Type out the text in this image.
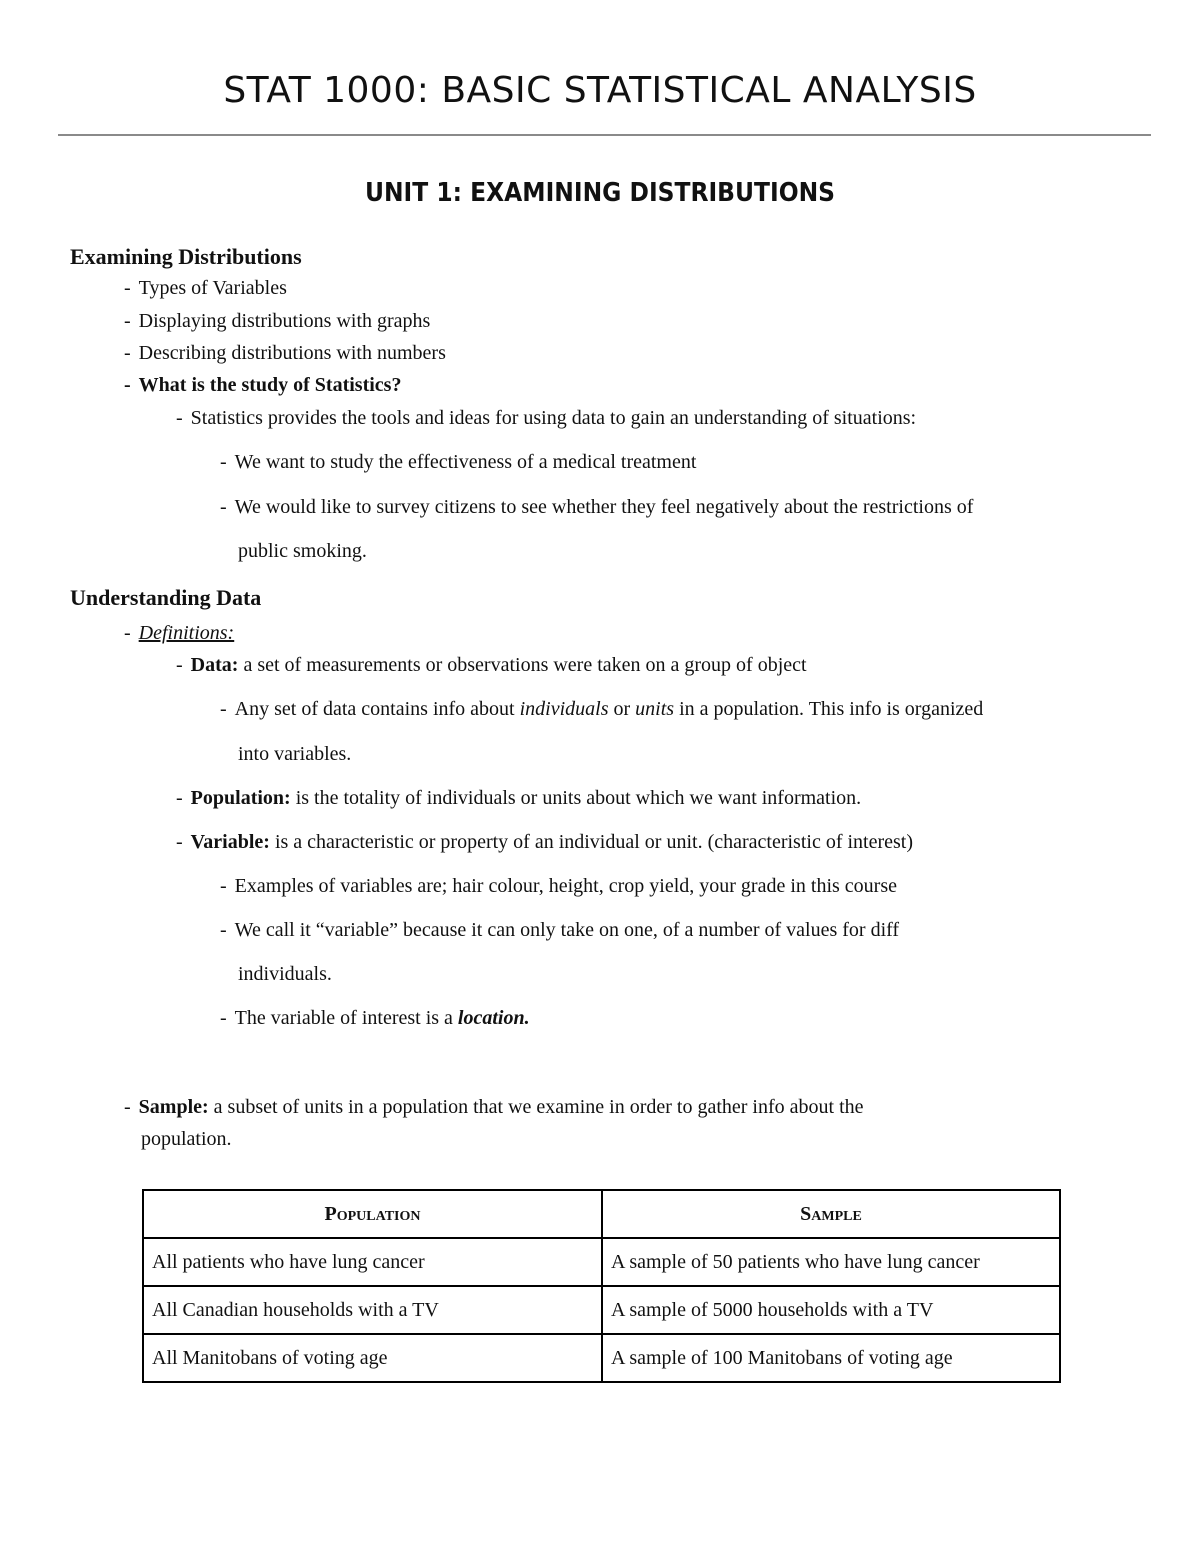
STAT 1000: BASIC STATISTICAL ANALYSIS
UNIT 1: EXAMINING DISTRIBUTIONS
Examining Distributions

- Types of Variables

- Displaying distributions with graphs

- Describing distributions with numbers

- What is the study of Statistics?

- Statistics provides the tools and ideas for using data to gain an understanding of situations:

- We want to study the effectiveness of a medical treatment

- We would like to survey citizens to see whether they feel negatively about the restrictions of

public smoking.

Understanding Data

- Definitions:

- Data: a set of measurements or observations were taken on a group of object

- Any set of data contains info about individuals or units in a population. This info is organized

into variables.

- Population: is the totality of individuals or units about which we want information.

- Variable: is a characteristic or property of an individual or unit. (characteristic of interest)

- Examples of variables are; hair colour, height, crop yield, your grade in this course

- We call it “variable” because it can only take on one, of a number of values for diff

individuals.

- The variable of interest is a location.

- Sample: a subset of units in a population that we examine in order to gather info about the

population.

Population	Sample
All patients who have lung cancer	A sample of 50 patients who have lung cancer
All Canadian households with a TV	A sample of 5000 households with a TV
All Manitobans of voting age	A sample of 100 Manitobans of voting age
